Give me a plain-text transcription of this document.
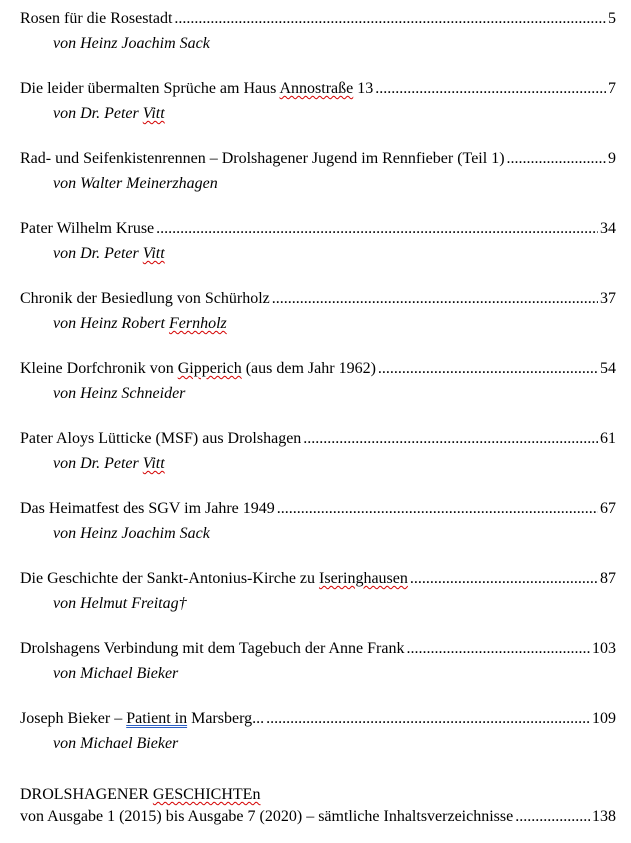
Rosen für die Rosestadt .....	5
von Heinz Joachim Sack
Die leider übermalten Sprüche am Haus Annostraße 13 .....	7
von Dr. Peter Vitt
Rad- und Seifenkistenrennen – Drolshagener Jugend im Rennfieber (Teil 1) .....	9
von Walter Meinerzhagen
Pater Wilhelm Kruse .....	34
von Dr. Peter Vitt
Chronik der Besiedlung von Schürholz .....	37
von Heinz Robert Fernholz
Kleine Dorfchronik von Gipperich (aus dem Jahr 1962) .....	54
von Heinz Schneider
Pater Aloys Lütticke (MSF) aus Drolshagen .....	61
von Dr. Peter Vitt
Das Heimatfest des SGV im Jahre 1949 .....	67
von Heinz Joachim Sack
Die Geschichte der Sankt-Antonius-Kirche zu Iseringhausen .....	87
von Helmut Freitag†
Drolshagens Verbindung mit dem Tagebuch der Anne Frank .....	103
von Michael Bieker
Joseph Bieker – Patient in Marsberg... .....	109
von Michael Bieker
DROLSHAGENER GESCHICHTEn
von Ausgabe 1 (2015) bis Ausgabe 7 (2020) – sämtliche Inhaltsverzeichnisse .....	138
